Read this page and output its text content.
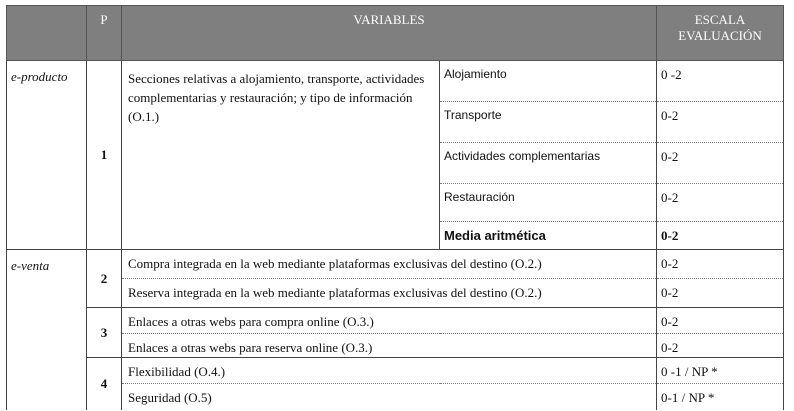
	P	VARIABLES		ESCALA
EVALUACIÓN

e-producto	1	Secciones relativas a alojamiento, transporte, actividades complementarias y restauración; y tipo de información (O.1.)	Alojamiento	0 -2
			Transporte	0-2
			Actividades complementarias	0-2
			Restauración	0-2
			Media aritmética	0-2
e-venta	2	Compra integrada en la web mediante plataformas exclusivas del destino (O.2.)		0-2
		Reserva integrada en la web mediante plataformas exclusivas del destino (O.2.)		0-2
	3	Enlaces a otras webs para compra online (O.3.)		0-2
		Enlaces a otras webs para reserva online (O.3.)		0-2
	4	Flexibilidad (O.4.)		0 -1 / NP *
		Seguridad (O.5)		0-1 / NP *
